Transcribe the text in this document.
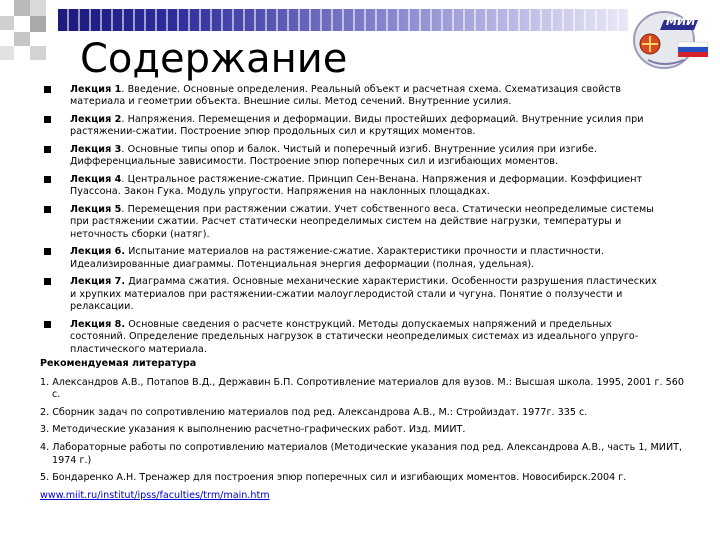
МИИТ
Содержание
Лекция 1. Введение. Основные определения. Реальный объект и расчетная схема. Схематизация свойств материала и геометрии объекта. Внешние силы. Метод сечений. Внутренние усилия.
Лекция 2. Напряжения. Перемещения и деформации. Виды простейших деформаций. Внутренние усилия при растяжении-сжатии. Построение эпюр продольных сил и крутящих моментов.
Лекция 3. Основные типы опор и балок. Чистый и поперечный изгиб. Внутренние усилия при изгибе. Дифференциальные зависимости. Построение эпюр поперечных сил и изгибающих моментов.
Лекция 4. Центральное растяжение-сжатие. Принцип Сен-Венана. Напряжения и деформации. Коэффициент Пуассона. Закон Гука. Модуль упругости. Напряжения на наклонных площадках.
Лекция 5. Перемещения при растяжении сжатии. Учет собственного веса. Статически неопределимые системы при растяжении сжатии. Расчет статически неопределимых систем на действие нагрузки, температуры и неточность сборки (натяг).
Лекция 6. Испытание материалов на растяжение-сжатие. Характеристики прочности и пластичности. Идеализированные диаграммы. Потенциальная энергия деформации (полная, удельная).
Лекция 7. Диаграмма сжатия. Основные механические характеристики. Особенности разрушения пластических и хрупких материалов при растяжении-сжатии малоуглеродистой стали и чугуна. Понятие о ползучести и релаксации.
Лекция 8. Основные сведения о расчете конструкций. Методы допускаемых напряжений и предельных состояний. Определение предельных нагрузок в статически неопределимых системах из идеального упруго-пластического материала.
Рекомендуемая литература
1. Александров А.В., Потапов В.Д., Державин Б.П. Сопротивление материалов для вузов. М.: Высшая школа. 1995, 2001 г. 560 с.
2. Сборник задач по сопротивлению материалов под ред. Александрова А.В., М.: Стройиздат. 1977г. 335 с.
3. Методические указания к выполнению расчетно-графических работ. Изд. МИИТ.
4. Лабораторные работы по сопротивлению материалов (Методические указания под ред. Александрова А.В., часть 1, МИИТ, 1974 г.)
5. Бондаренко А.Н. Тренажер для построения эпюр поперечных сил и изгибающих моментов. Новосибирск.2004 г.
www.miit.ru/institut/ipss/faculties/trm/main.htm
